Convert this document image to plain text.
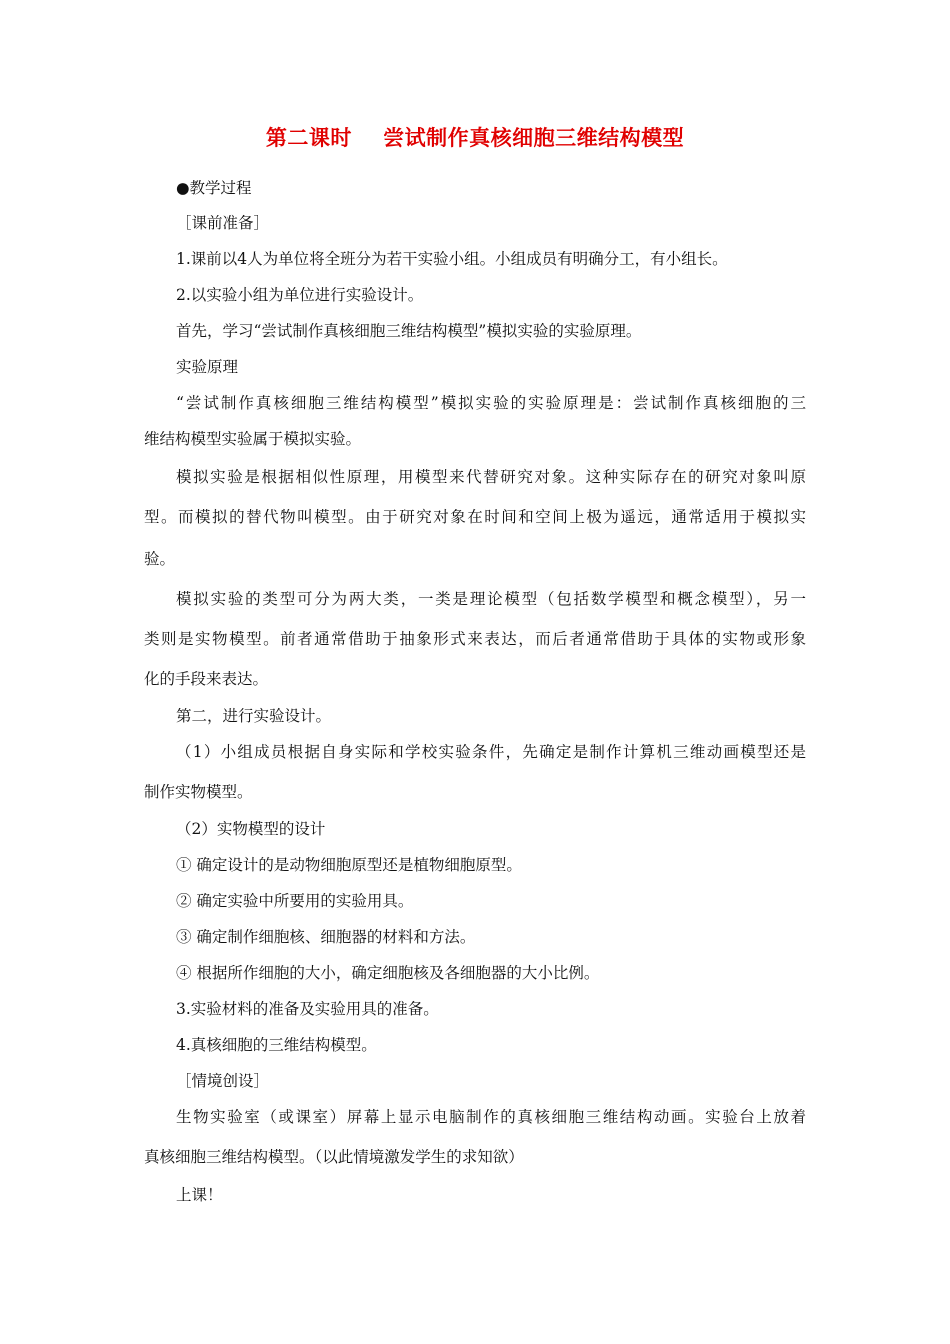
第二课时    尝试制作真核细胞三维结构模型
●教学过程
［课前准备］
1.课前以4人为单位将全班分为若干实验小组。小组成员有明确分工，有小组长。
2.以实验小组为单位进行实验设计。
首先，学习“尝试制作真核细胞三维结构模型”模拟实验的实验原理。
实验原理
“尝试制作真核细胞三维结构模型”模拟实验的实验原理是：尝试制作真核细胞的三
维结构模型实验属于模拟实验。
模拟实验是根据相似性原理，用模型来代替研究对象。这种实际存在的研究对象叫原
型。而模拟的替代物叫模型。由于研究对象在时间和空间上极为遥远，通常适用于模拟实
验。
模拟实验的类型可分为两大类，一类是理论模型（包括数学模型和概念模型），另一
类则是实物模型。前者通常借助于抽象形式来表达，而后者通常借助于具体的实物或形象
化的手段来表达。
第二，进行实验设计。
（1）小组成员根据自身实际和学校实验条件，先确定是制作计算机三维动画模型还是
制作实物模型。
（2）实物模型的设计
① 确定设计的是动物细胞原型还是植物细胞原型。
② 确定实验中所要用的实验用具。
③ 确定制作细胞核、细胞器的材料和方法。
④ 根据所作细胞的大小，确定细胞核及各细胞器的大小比例。
3.实验材料的准备及实验用具的准备。
4.真核细胞的三维结构模型。
［情境创设］
生物实验室（或课室）屏幕上显示电脑制作的真核细胞三维结构动画。实验台上放着
真核细胞三维结构模型。（以此情境激发学生的求知欲）
上课！
